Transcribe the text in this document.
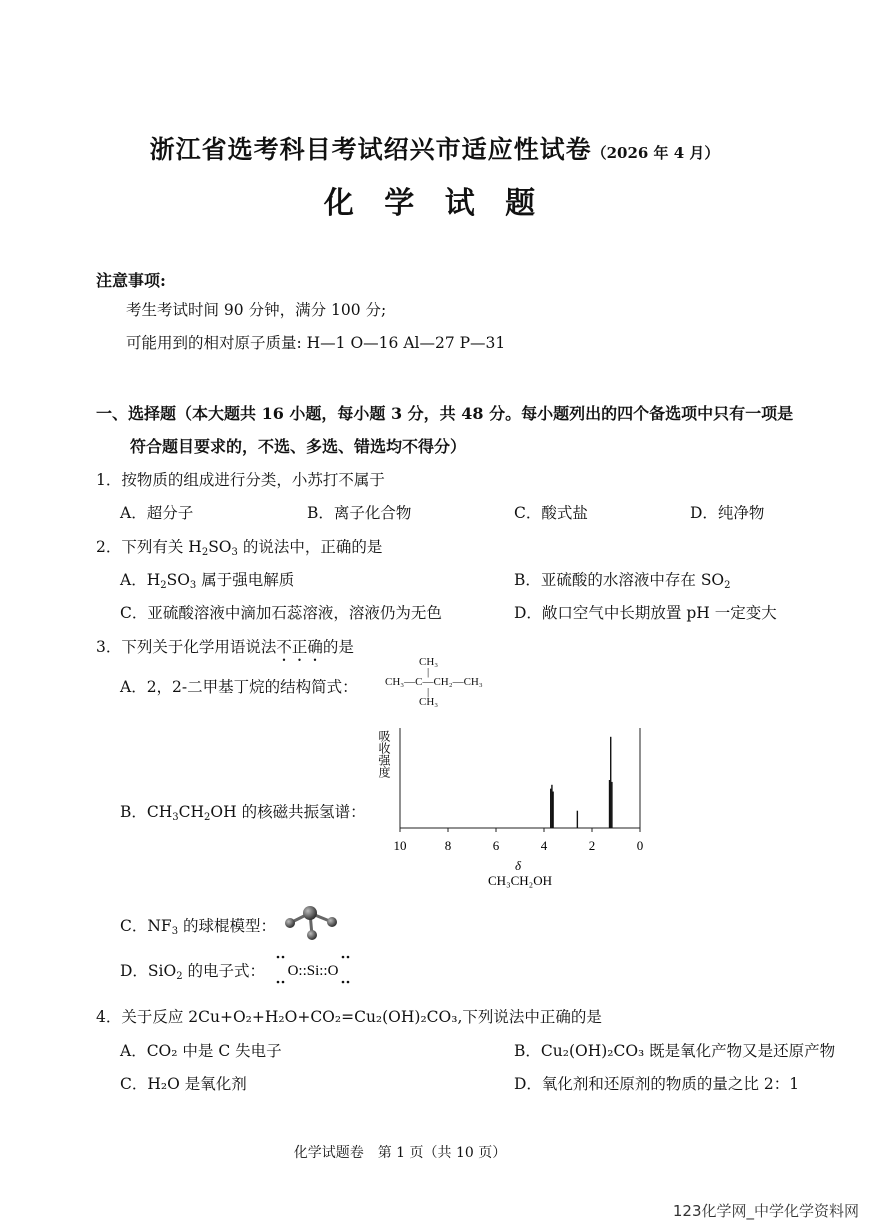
浙江省选考科目考试绍兴市适应性试卷（2026 年 4 月）
化 学 试 题
注意事项:
考生考试时间 90 分钟，满分 100 分;
可能用到的相对原子质量: H—1 O—16 Al—27 P—31
一、选择题（本大题共 16 小题，每小题 3 分，共 48 分。每小题列出的四个备选项中只有一项是
符合题目要求的，不选、多选、错选均不得分）
1．按物质的组成进行分类，小苏打不属于
A．超分子	B．离子化合物	C．酸式盐	D．纯净物
2．下列有关 $H_2SO_3$ 的说法中，正确的是
A．$H_2SO_3$ 属于强电解质	B．亚硫酸的水溶液中存在 $SO_2$
C．亚硫酸溶液中滴加石蕊溶液，溶液仍为无色	D．敞口空气中长期放置 pH 一定变大
3．下列关于化学用语说法不正确的是
A．2，2-二甲基丁烷的结构简式：
CH₃
|
CH₃—C—CH₂—CH₃
|
CH₃
B．$CH_3CH_2OH$ 的核磁共振氢谱：
吸收强度
10	8	6	4	2	0
δ
CH₃CH₂OH
C．$NF_3$ 的球棍模型：
D．SiO$_2$ 的电子式： O::Si::O
4．关于反应 2Cu+O₂+H₂O+CO₂=Cu₂(OH)₂CO₃,下列说法中正确的是
A．CO₂ 中是 C 失电子	B．Cu₂(OH)₂CO₃ 既是氧化产物又是还原产物
C．H₂O 是氧化剂	D．氧化剂和还原剂的物质的量之比 2：1
化学试题卷　第 1 页（共 10 页）
123化学网_中学化学资料网
